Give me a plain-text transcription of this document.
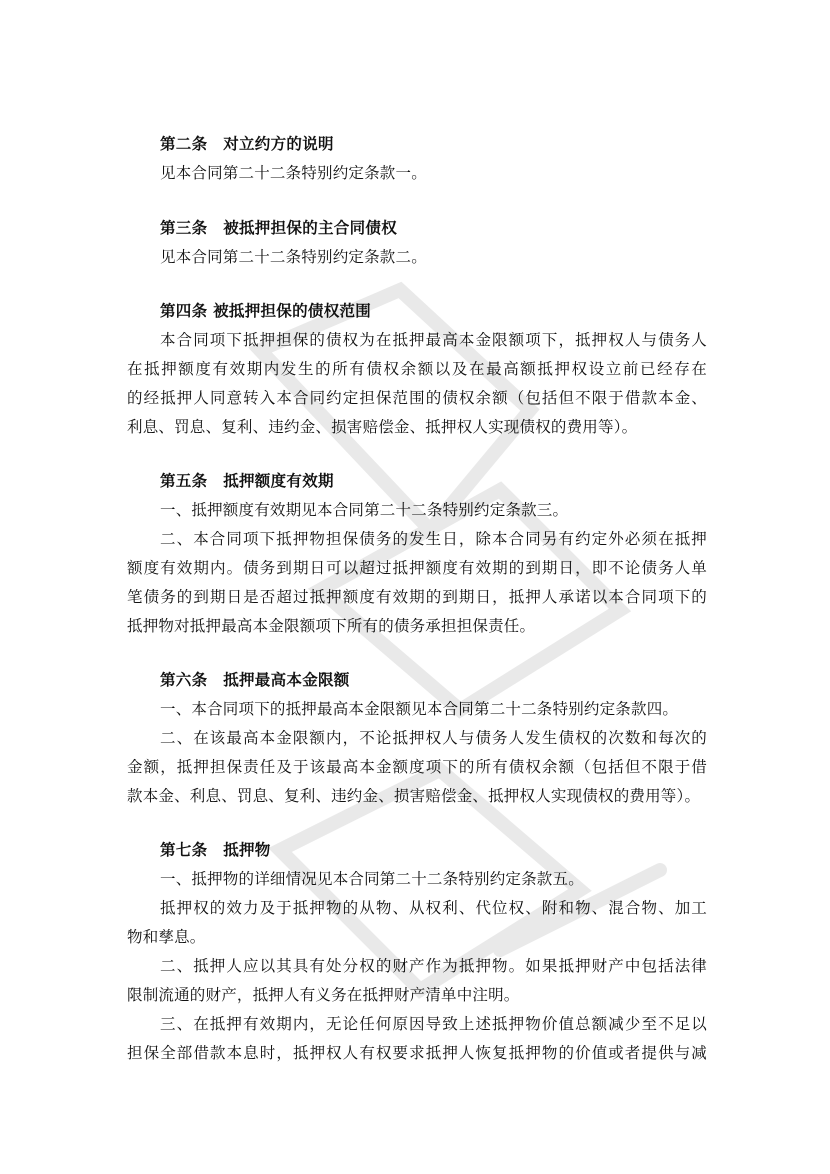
第二条　对立约方的说明
见本合同第二十二条特别约定条款一。
第三条　被抵押担保的主合同债权
见本合同第二十二条特别约定条款二。
第四条 被抵押担保的债权范围
本合同项下抵押担保的债权为在抵押最高本金限额项下，抵押权人与债务人
在抵押额度有效期内发生的所有债权余额以及在最高额抵押权设立前已经存在
的经抵押人同意转入本合同约定担保范围的债权余额（包括但不限于借款本金、
利息、罚息、复利、违约金、损害赔偿金、抵押权人实现债权的费用等）。
第五条　抵押额度有效期
一、抵押额度有效期见本合同第二十二条特别约定条款三。
二、本合同项下抵押物担保债务的发生日，除本合同另有约定外必须在抵押
额度有效期内。债务到期日可以超过抵押额度有效期的到期日，即不论债务人单
笔债务的到期日是否超过抵押额度有效期的到期日，抵押人承诺以本合同项下的
抵押物对抵押最高本金限额项下所有的债务承担担保责任。
第六条　抵押最高本金限额
一、本合同项下的抵押最高本金限额见本合同第二十二条特别约定条款四。
二、在该最高本金限额内，不论抵押权人与债务人发生债权的次数和每次的
金额，抵押担保责任及于该最高本金额度项下的所有债权余额（包括但不限于借
款本金、利息、罚息、复利、违约金、损害赔偿金、抵押权人实现债权的费用等）。
第七条　抵押物
一、抵押物的详细情况见本合同第二十二条特别约定条款五。
抵押权的效力及于抵押物的从物、从权利、代位权、附和物、混合物、加工
物和孳息。
二、抵押人应以其具有处分权的财产作为抵押物。如果抵押财产中包括法律
限制流通的财产，抵押人有义务在抵押财产清单中注明。
三、在抵押有效期内，无论任何原因导致上述抵押物价值总额减少至不足以
担保全部借款本息时，抵押权人有权要求抵押人恢复抵押物的价值或者提供与减
